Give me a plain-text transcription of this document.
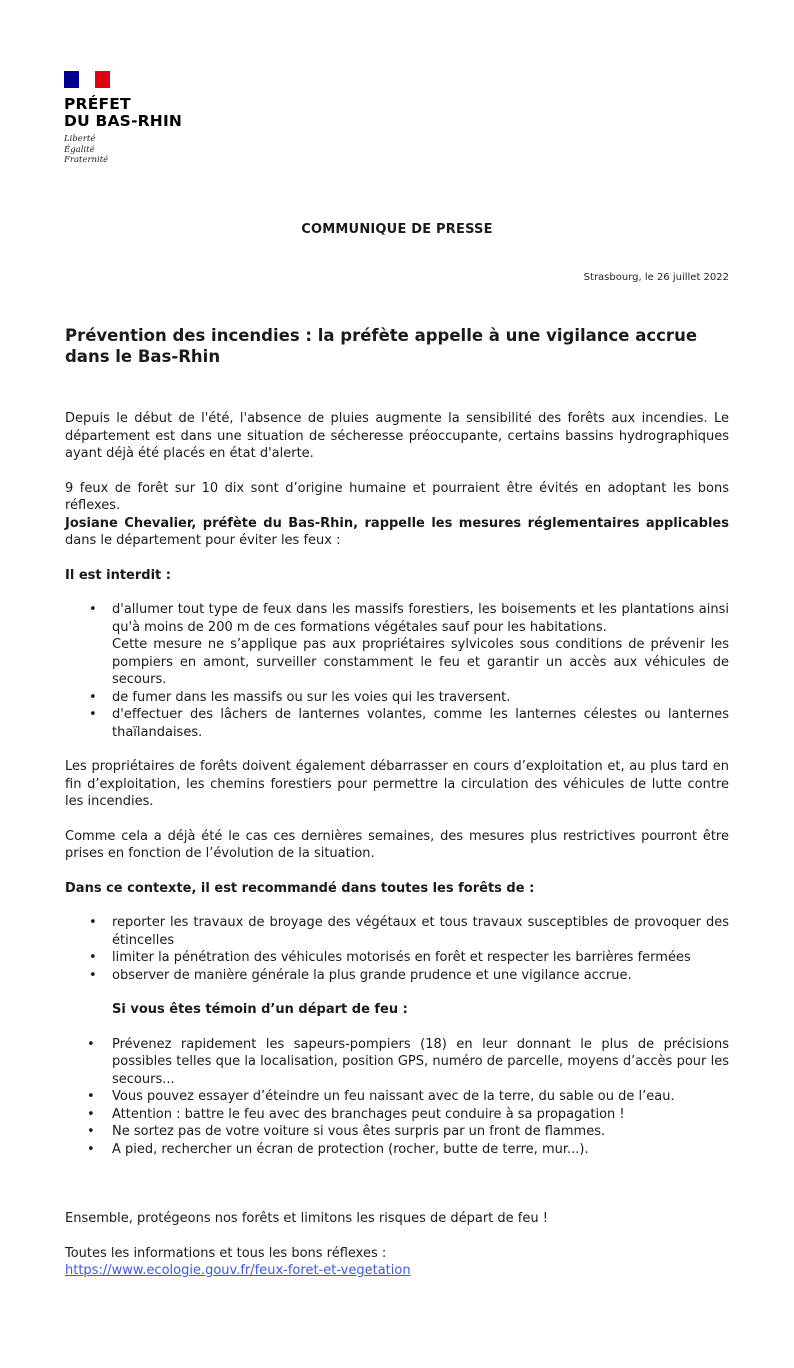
PRÉFET
DU BAS-RHIN
Liberté
Égalité
Fraternité
COMMUNIQUE DE PRESSE
Strasbourg, le 26 juillet 2022
Prévention des incendies : la préfète appelle à une vigilance accrue dans le Bas-Rhin

Depuis le début de l'été, l'absence de pluies augmente la sensibilité des forêts aux incendies. Le département est dans une situation de sécheresse préoccupante, certains bassins hydrographiques ayant déjà été placés en état d'alerte.

9 feux de forêt sur 10 dix sont d’origine humaine et pourraient être évités en adoptant les bons réflexes.

Josiane Chevalier, préfète du Bas-Rhin, rappelle les mesures réglementaires applicables dans le département pour éviter les feux :

Il est interdit :

• d'allumer tout type de feux dans les massifs forestiers, les boisements et les plantations ainsi qu'à moins de 200 m de ces formations végétales sauf pour les habitations.
Cette mesure ne s’applique pas aux propriétaires sylvicoles sous conditions de prévenir les pompiers en amont, surveiller constamment le feu et garantir un accès aux véhicules de secours.
• de fumer dans les massifs ou sur les voies qui les traversent.
• d'effectuer des lâchers de lanternes volantes, comme les lanternes célestes ou lanternes thaïlandaises.

Les propriétaires de forêts doivent également débarrasser en cours d’exploitation et, au plus tard en fin d’exploitation, les chemins forestiers pour permettre la circulation des véhicules de lutte contre les incendies.

Comme cela a déjà été le cas ces dernières semaines, des mesures plus restrictives pourront être prises en fonction de l’évolution de la situation.

Dans ce contexte, il est recommandé dans toutes les forêts de :

• reporter les travaux de broyage des végétaux et tous travaux susceptibles de provoquer des étincelles
• limiter la pénétration des véhicules motorisés en forêt et respecter les barrières fermées
• observer de manière générale la plus grande prudence et une vigilance accrue.

Si vous êtes témoin d’un départ de feu :

• Prévenez rapidement les sapeurs-pompiers (18) en leur donnant le plus de précisions possibles telles que la localisation, position GPS, numéro de parcelle, moyens d’accès pour les secours...
• Vous pouvez essayer d’éteindre un feu naissant avec de la terre, du sable ou de l’eau.
• Attention : battre le feu avec des branchages peut conduire à sa propagation !
• Ne sortez pas de votre voiture si vous êtes surpris par un front de flammes.
• A pied, rechercher un écran de protection (rocher, butte de terre, mur...).

Ensemble, protégeons nos forêts et limitons les risques de départ de feu !

Toutes les informations et tous les bons réflexes :

https://www.ecologie.gouv.fr/feux-foret-et-vegetation
